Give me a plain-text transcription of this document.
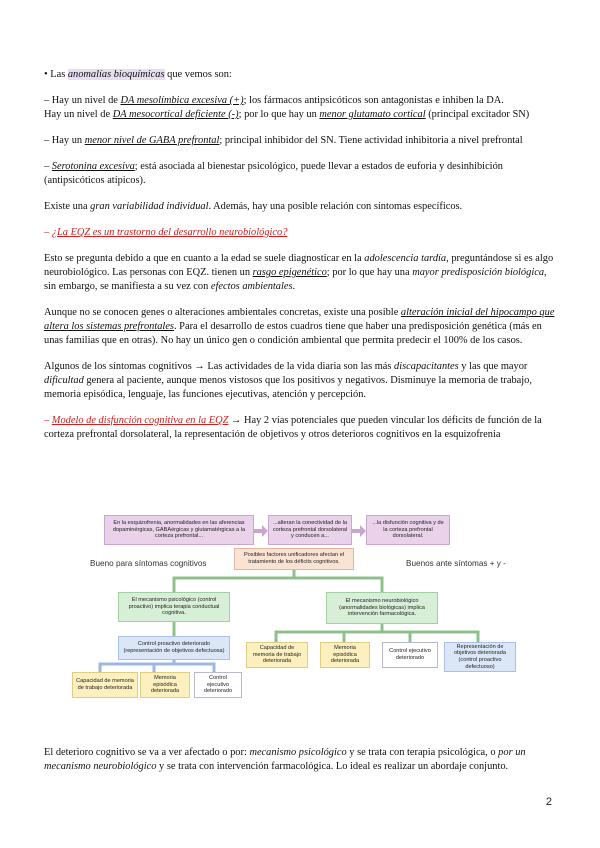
• Las anomalías bioquímicas que vemos son:

– Hay un nivel de DA mesolímbica excesiva (+); los fármacos antipsicóticos son antagonistas e inhiben la DA.
Hay un nivel de DA mesocortical deficiente (-); por lo que hay un menor glutamato cortical (principal excitador SN)

– Hay un menor nivel de GABA prefrontal; principal inhibidor del SN. Tiene actividad inhibitoria a nivel prefrontal

– Serotonina excesiva; está asociada al bienestar psicológico, puede llevar a estados de euforia y desinhibición (antipsicóticos atípicos).

Existe una gran variabilidad individual. Además, hay una posible relación con síntomas específicos.

– ¿La EQZ es un trastorno del desarrollo neurobiológico?

Esto se pregunta debido a que en cuanto a la edad se suele diagnosticar en la adolescencia tardía, preguntándose si es algo neurobiológico. Las personas con EQZ. tienen un rasgo epigenético; por lo que hay una mayor predisposición biológica, sin embargo, se manifiesta a su vez con efectos ambientales.

Aunque no se conocen genes o alteraciones ambientales concretas, existe una posible alteración inicial del hipocampo que altera los sistemas prefrontales. Para el desarrollo de estos cuadros tiene que haber una predisposición genética (más en unas familias que en otras). No hay un único gen o condición ambiental que permita predecir el 100% de los casos.

Algunos de los síntomas cognitivos → Las actividades de la vida diaria son las más discapacitantes y las que mayor dificultad genera al paciente, aunque menos vistosos que los positivos y negativos. Disminuye la memoria de trabajo, memoria episódica, lenguaje, las funciones ejecutivas, atención y percepción.

– Modelo de disfunción cognitiva en la EQZ → Hay 2 vías potenciales que pueden vincular los déficits de función de la corteza prefrontal dorsolateral, la representación de objetivos y otros deterioros cognitivos en la esquizofrenia

En la esquizofrenia, anormalidades en las aferencias dopaminérgicas, GABAérgicas y glutamatérgicas a la corteza prefrontal...
...alteran la conectividad de la corteza prefrontal dorsolateral y conducen a...
...la disfunción cognitiva y de la corteza prefrontal dorsolateral.
Bueno para síntomas cognitivos	Buenos ante síntomas + y -
Posibles factores unificadores afectan el tratamiento de los déficits cognitivos.
El mecanismo psicológico (control proactivo) implica terapia conductual cognitiva.
El mecanismo neurobiológico (anormalidades biológicas) implica intervención farmacológica.
Control proactivo deteriorado (representación de objetivos defectuosa)
Capacidad de memoria de trabajo deteriorada
Memoria episódica deteriorada
Control ejecutivo deteriorado
Capacidad de memoria de trabajo deteriorada
Memoria episódica deteriorada
Control ejecutivo deteriorado
Representación de objetivos deteriorada (control proactivo defectuoso)
El deterioro cognitivo se va a ver afectado o por: mecanismo psicológico y se trata con terapia psicológica, o por un mecanismo neurobiológico y se trata con intervención farmacológica. Lo ideal es realizar un abordaje conjunto.
2
